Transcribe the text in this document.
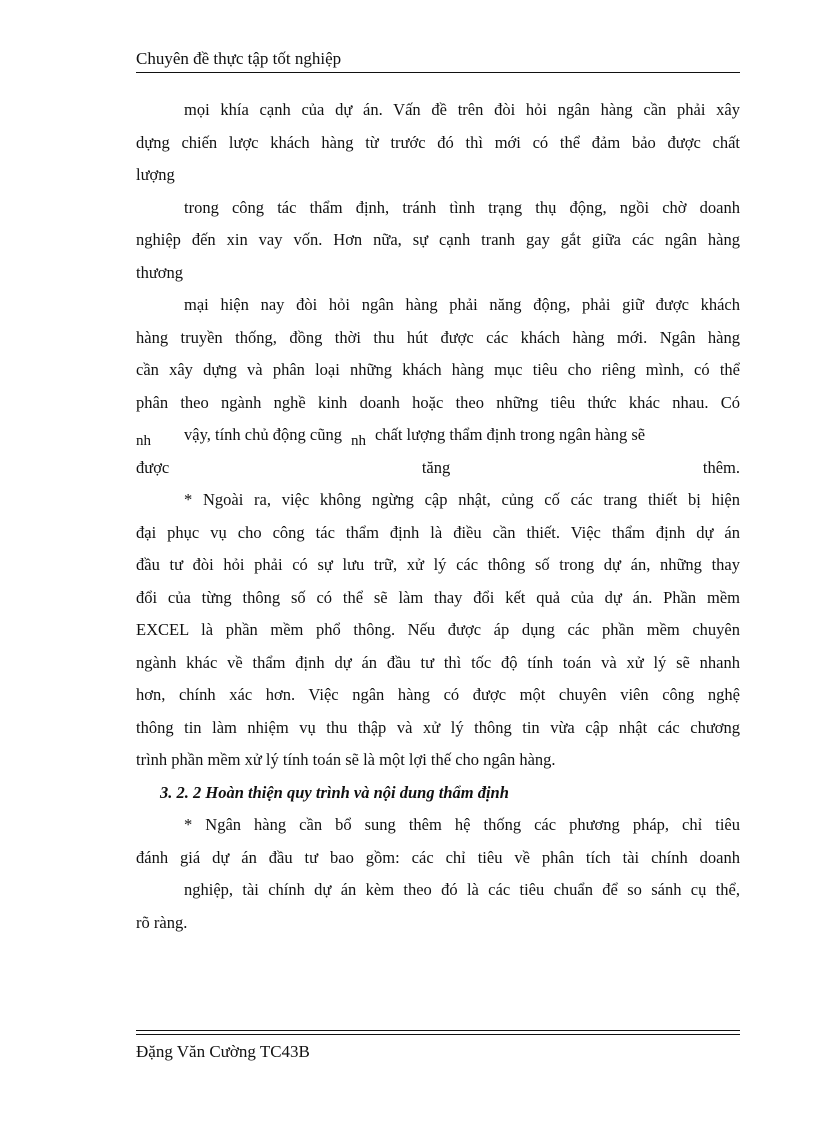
Chuyên đề thực tập tốt nghiệp
mọi khía cạnh của dự án. Vấn đề trên đòi hỏi ngân hàng cần phải xây
dựng chiến lược khách hàng từ trước đó thì mới có thể đảm bảo được chất
lượng
trong công tác thẩm định, tránh tình trạng thụ động, ngồi chờ doanh
nghiệp đến xin vay vốn. Hơn nữa, sự cạnh tranh gay gắt giữa các ngân hàng
thương
mại hiện nay đòi hỏi ngân hàng phải năng động, phải giữ được khách
hàng truyền thống, đồng thời thu hút được các khách hàng mới. Ngân hàng
cần xây dựng và phân loại những khách hàng mục tiêu cho riêng mình, có thể
phân theo ngành nghề kinh doanh hoặc theo những tiêu thức khác nhau. Có
nh vậy, tính chủ động cũng nh chất lượng thẩm định trong ngân hàng sẽ
được	tăng	thêm.
* Ngoài ra, việc không ngừng cập nhật, củng cố các trang thiết bị hiện
đại phục vụ cho công tác thẩm định là điều cần thiết. Việc thẩm định dự án
đầu tư đòi hỏi phải có sự lưu trữ, xử lý các thông số trong dự án, những thay
đổi của từng thông số có thể sẽ làm thay đổi kết quả của dự án. Phần mềm
EXCEL là phần mềm phổ thông. Nếu được áp dụng các phần mềm chuyên
ngành khác về thẩm định dự án đầu tư thì tốc độ tính toán và xử lý sẽ nhanh
hơn, chính xác hơn. Việc ngân hàng có được một chuyên viên công nghệ
thông tin làm nhiệm vụ thu thập và xử lý thông tin vừa cập nhật các chương
trình phần mềm xử lý tính toán sẽ là một lợi thế cho ngân hàng.
3. 2. 2 Hoàn thiện quy trình và nội dung thẩm định
* Ngân hàng cần bổ sung thêm hệ thống các phương pháp, chỉ tiêu
đánh giá dự án đầu tư bao gồm: các chỉ tiêu về phân tích tài chính doanh
nghiệp, tài chính dự án kèm theo đó là các tiêu chuẩn để so sánh cụ thể,
rõ ràng.
Đặng Văn Cường TC43B
